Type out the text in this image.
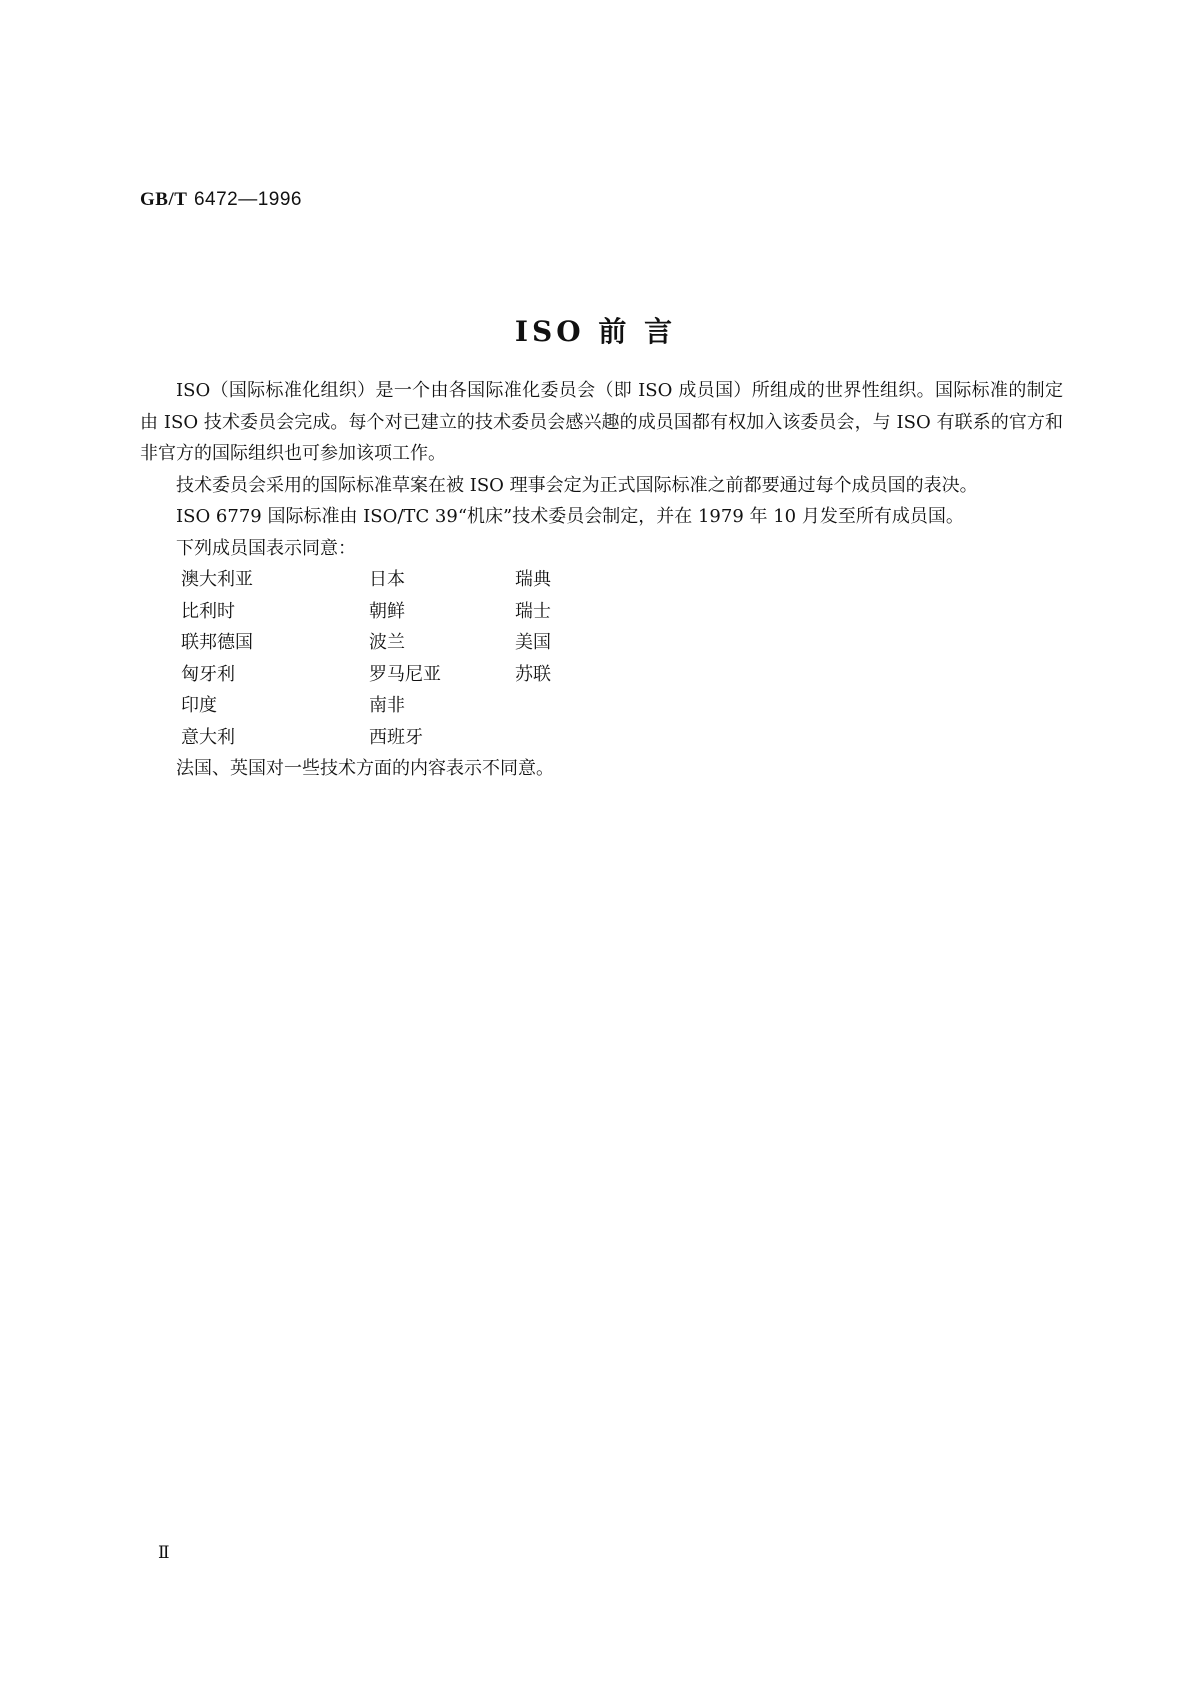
GB/T 6472—1996
ISO 前 言

ISO（国际标准化组织）是一个由各国际准化委员会（即 ISO 成员国）所组成的世界性组织。国际标准的制定由 ISO 技术委员会完成。每个对已建立的技术委员会感兴趣的成员国都有权加入该委员会，与 ISO 有联系的官方和非官方的国际组织也可参加该项工作。

技术委员会采用的国际标准草案在被 ISO 理事会定为正式国际标准之前都要通过每个成员国的表决。

ISO 6779 国际标准由 ISO/TC 39“机床”技术委员会制定，并在 1979 年 10 月发至所有成员国。

下列成员国表示同意：

澳大利亚	日本	瑞典
比利时	朝鲜	瑞士
联邦德国	波兰	美国
匈牙利	罗马尼亚	苏联
印度	南非
意大利	西班牙

法国、英国对一些技术方面的内容表示不同意。

Ⅱ
